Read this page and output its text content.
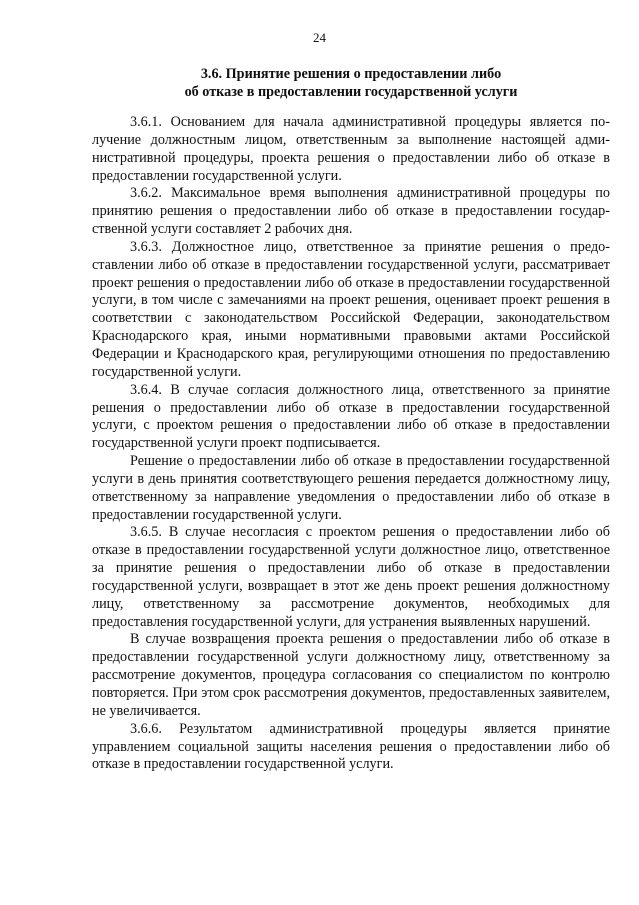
24
3.6. Принятие решения о предоставлении либо
об отказе в предоставлении государственной услуги

3.6.1. Основанием для начала административной процедуры является получение должностным лицом, ответственным за выполнение настоящей административной процедуры, проекта решения о предоставлении либо об отказе в предоставлении государственной услуги.

3.6.2. Максимальное время выполнения административной процедуры по принятию решения о предоставлении либо об отказе в предоставлении государственной услуги составляет 2 рабочих дня.

3.6.3. Должностное лицо, ответственное за принятие решения о предоставлении либо об отказе в предоставлении государственной услуги, рассматривает проект решения о предоставлении либо об отказе в предоставлении государственной услуги, в том числе с замечаниями на проект решения, оценивает проект решения в соответствии с законодательством Российской Федерации, законодательством Краснодарского края, иными нормативными правовыми актами Российской Федерации и Краснодарского края, регулирующими отношения по предоставлению государственной услуги.

3.6.4. В случае согласия должностного лица, ответственного за принятие решения о предоставлении либо об отказе в предоставлении государственной услуги, с проектом решения о предоставлении либо об отказе в предоставлении государственной услуги проект подписывается.

Решение о предоставлении либо об отказе в предоставлении государственной услуги в день принятия соответствующего решения передается должностному лицу, ответственному за направление уведомления о предоставлении либо об отказе в предоставлении государственной услуги.

3.6.5. В случае несогласия с проектом решения о предоставлении либо об отказе в предоставлении государственной услуги должностное лицо, ответственное за принятие решения о предоставлении либо об отказе в предоставлении государственной услуги, возвращает в этот же день проект решения должностному лицу, ответственному за рассмотрение документов, необходимых для предоставления государственной услуги, для устранения выявленных нарушений.

В случае возвращения проекта решения о предоставлении либо об отказе в предоставлении государственной услуги должностному лицу, ответственному за рассмотрение документов, процедура согласования со специалистом по контролю повторяется. При этом срок рассмотрения документов, предоставленных заявителем, не увеличивается.

3.6.6. Результатом административной процедуры является принятие управлением социальной защиты населения решения о предоставлении либо об отказе в предоставлении государственной услуги.
